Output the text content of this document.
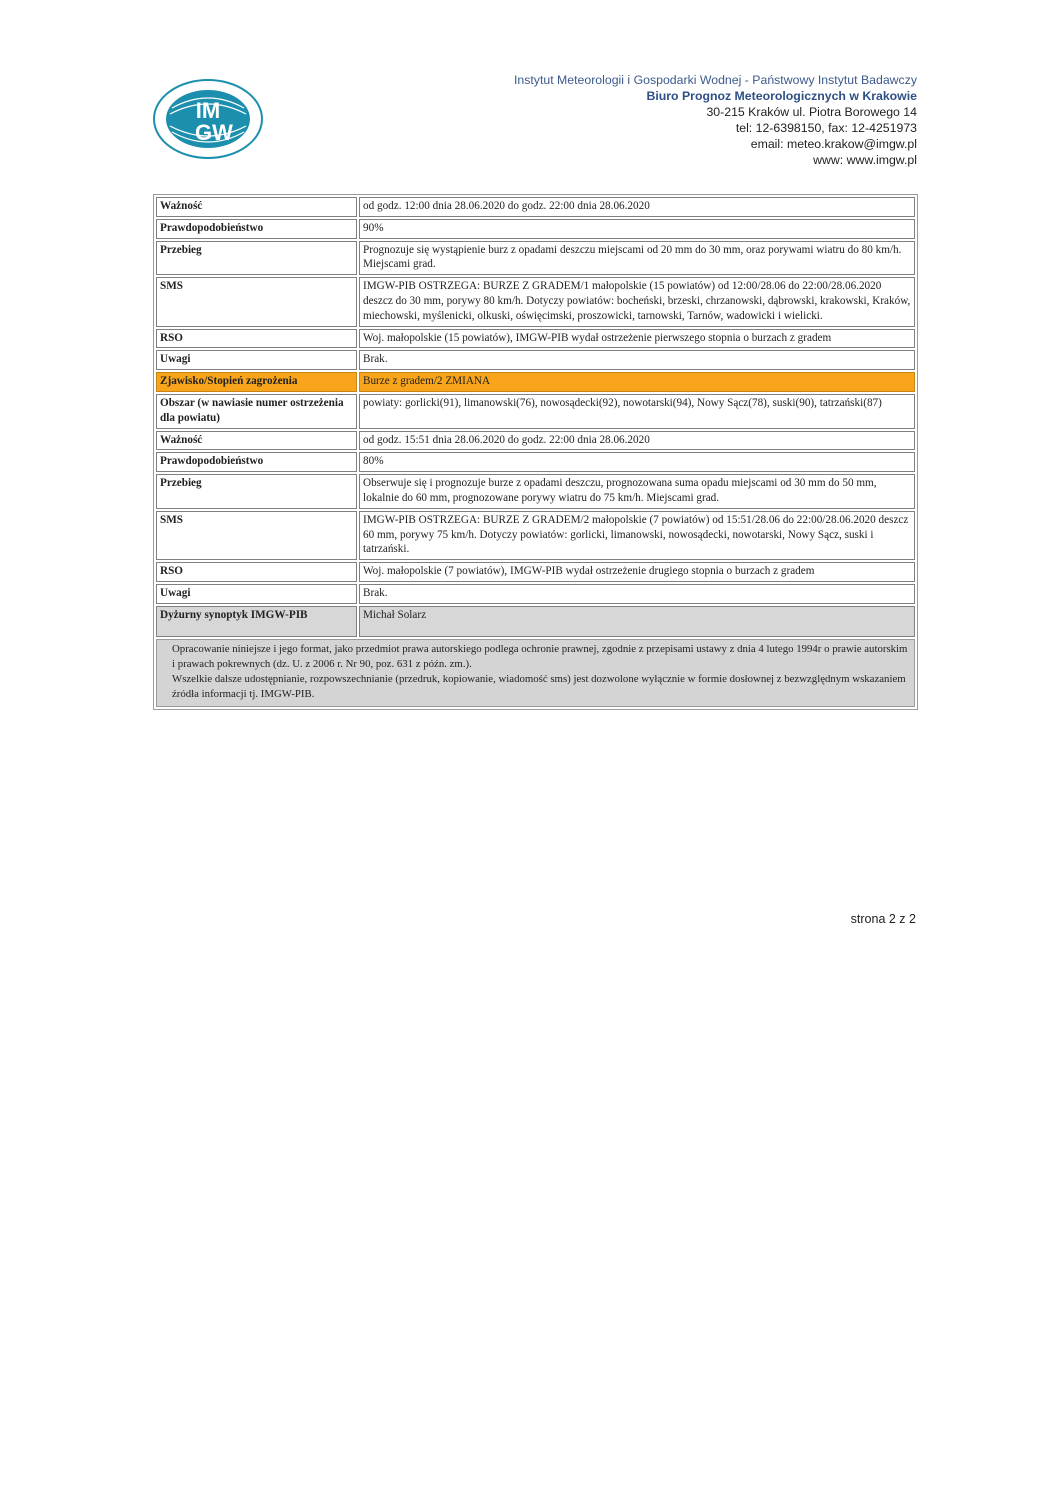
IM
GW
Instytut Meteorologii i Gospodarki Wodnej - Państwowy Instytut Badawczy
Biuro Prognoz Meteorologicznych w Krakowie
30-215 Kraków ul. Piotra Borowego 14
tel: 12-6398150, fax: 12-4251973
email: meteo.krakow@imgw.pl
www: www.imgw.pl
Ważność	od godz. 12:00 dnia 28.06.2020 do godz. 22:00 dnia 28.06.2020
Prawdopodobieństwo	90%
Przebieg	Prognozuje się wystąpienie burz z opadami deszczu miejscami od 20 mm do 30 mm, oraz porywami wiatru do 80 km/h. Miejscami grad.
SMS	IMGW-PIB OSTRZEGA: BURZE Z GRADEM/1 małopolskie (15 powiatów) od 12:00/28.06 do 22:00/28.06.2020 deszcz do 30 mm, porywy 80 km/h. Dotyczy powiatów: bocheński, brzeski, chrzanowski, dąbrowski, krakowski, Kraków, miechowski, myślenicki, olkuski, oświęcimski, proszowicki, tarnowski, Tarnów, wadowicki i wielicki.
RSO	Woj. małopolskie (15 powiatów), IMGW-PIB wydał ostrzeżenie pierwszego stopnia o burzach z gradem
Uwagi	Brak.
Zjawisko/Stopień zagrożenia	Burze z gradem/2 ZMIANA
Obszar (w nawiasie numer ostrzeżenia dla powiatu)	powiaty: gorlicki(91), limanowski(76), nowosądecki(92), nowotarski(94), Nowy Sącz(78), suski(90), tatrzański(87)
Ważność	od godz. 15:51 dnia 28.06.2020 do godz. 22:00 dnia 28.06.2020
Prawdopodobieństwo	80%
Przebieg	Obserwuje się i prognozuje burze z opadami deszczu, prognozowana suma opadu miejscami od 30 mm do 50 mm, lokalnie do 60 mm, prognozowane porywy wiatru do 75 km/h. Miejscami grad.
SMS	IMGW-PIB OSTRZEGA: BURZE Z GRADEM/2 małopolskie (7 powiatów) od 15:51/28.06 do 22:00/28.06.2020 deszcz 60 mm, porywy 75 km/h. Dotyczy powiatów: gorlicki, limanowski, nowosądecki, nowotarski, Nowy Sącz, suski i tatrzański.
RSO	Woj. małopolskie (7 powiatów), IMGW-PIB wydał ostrzeżenie drugiego stopnia o burzach z gradem
Uwagi	Brak.
Dyżurny synoptyk IMGW-PIB	Michał Solarz

Opracowanie niniejsze i jego format, jako przedmiot prawa autorskiego podlega ochronie prawnej, zgodnie z przepisami ustawy z dnia 4 lutego 1994r o prawie autorskim i prawach pokrewnych (dz. U. z 2006 r. Nr 90, poz. 631 z późn. zm.).

Wszelkie dalsze udostępnianie, rozpowszechnianie (przedruk, kopiowanie, wiadomość sms) jest dozwolone wyłącznie w formie dosłownej z bezwzględnym wskazaniem źródła informacji tj. IMGW-PIB.	

strona 2 z 2
